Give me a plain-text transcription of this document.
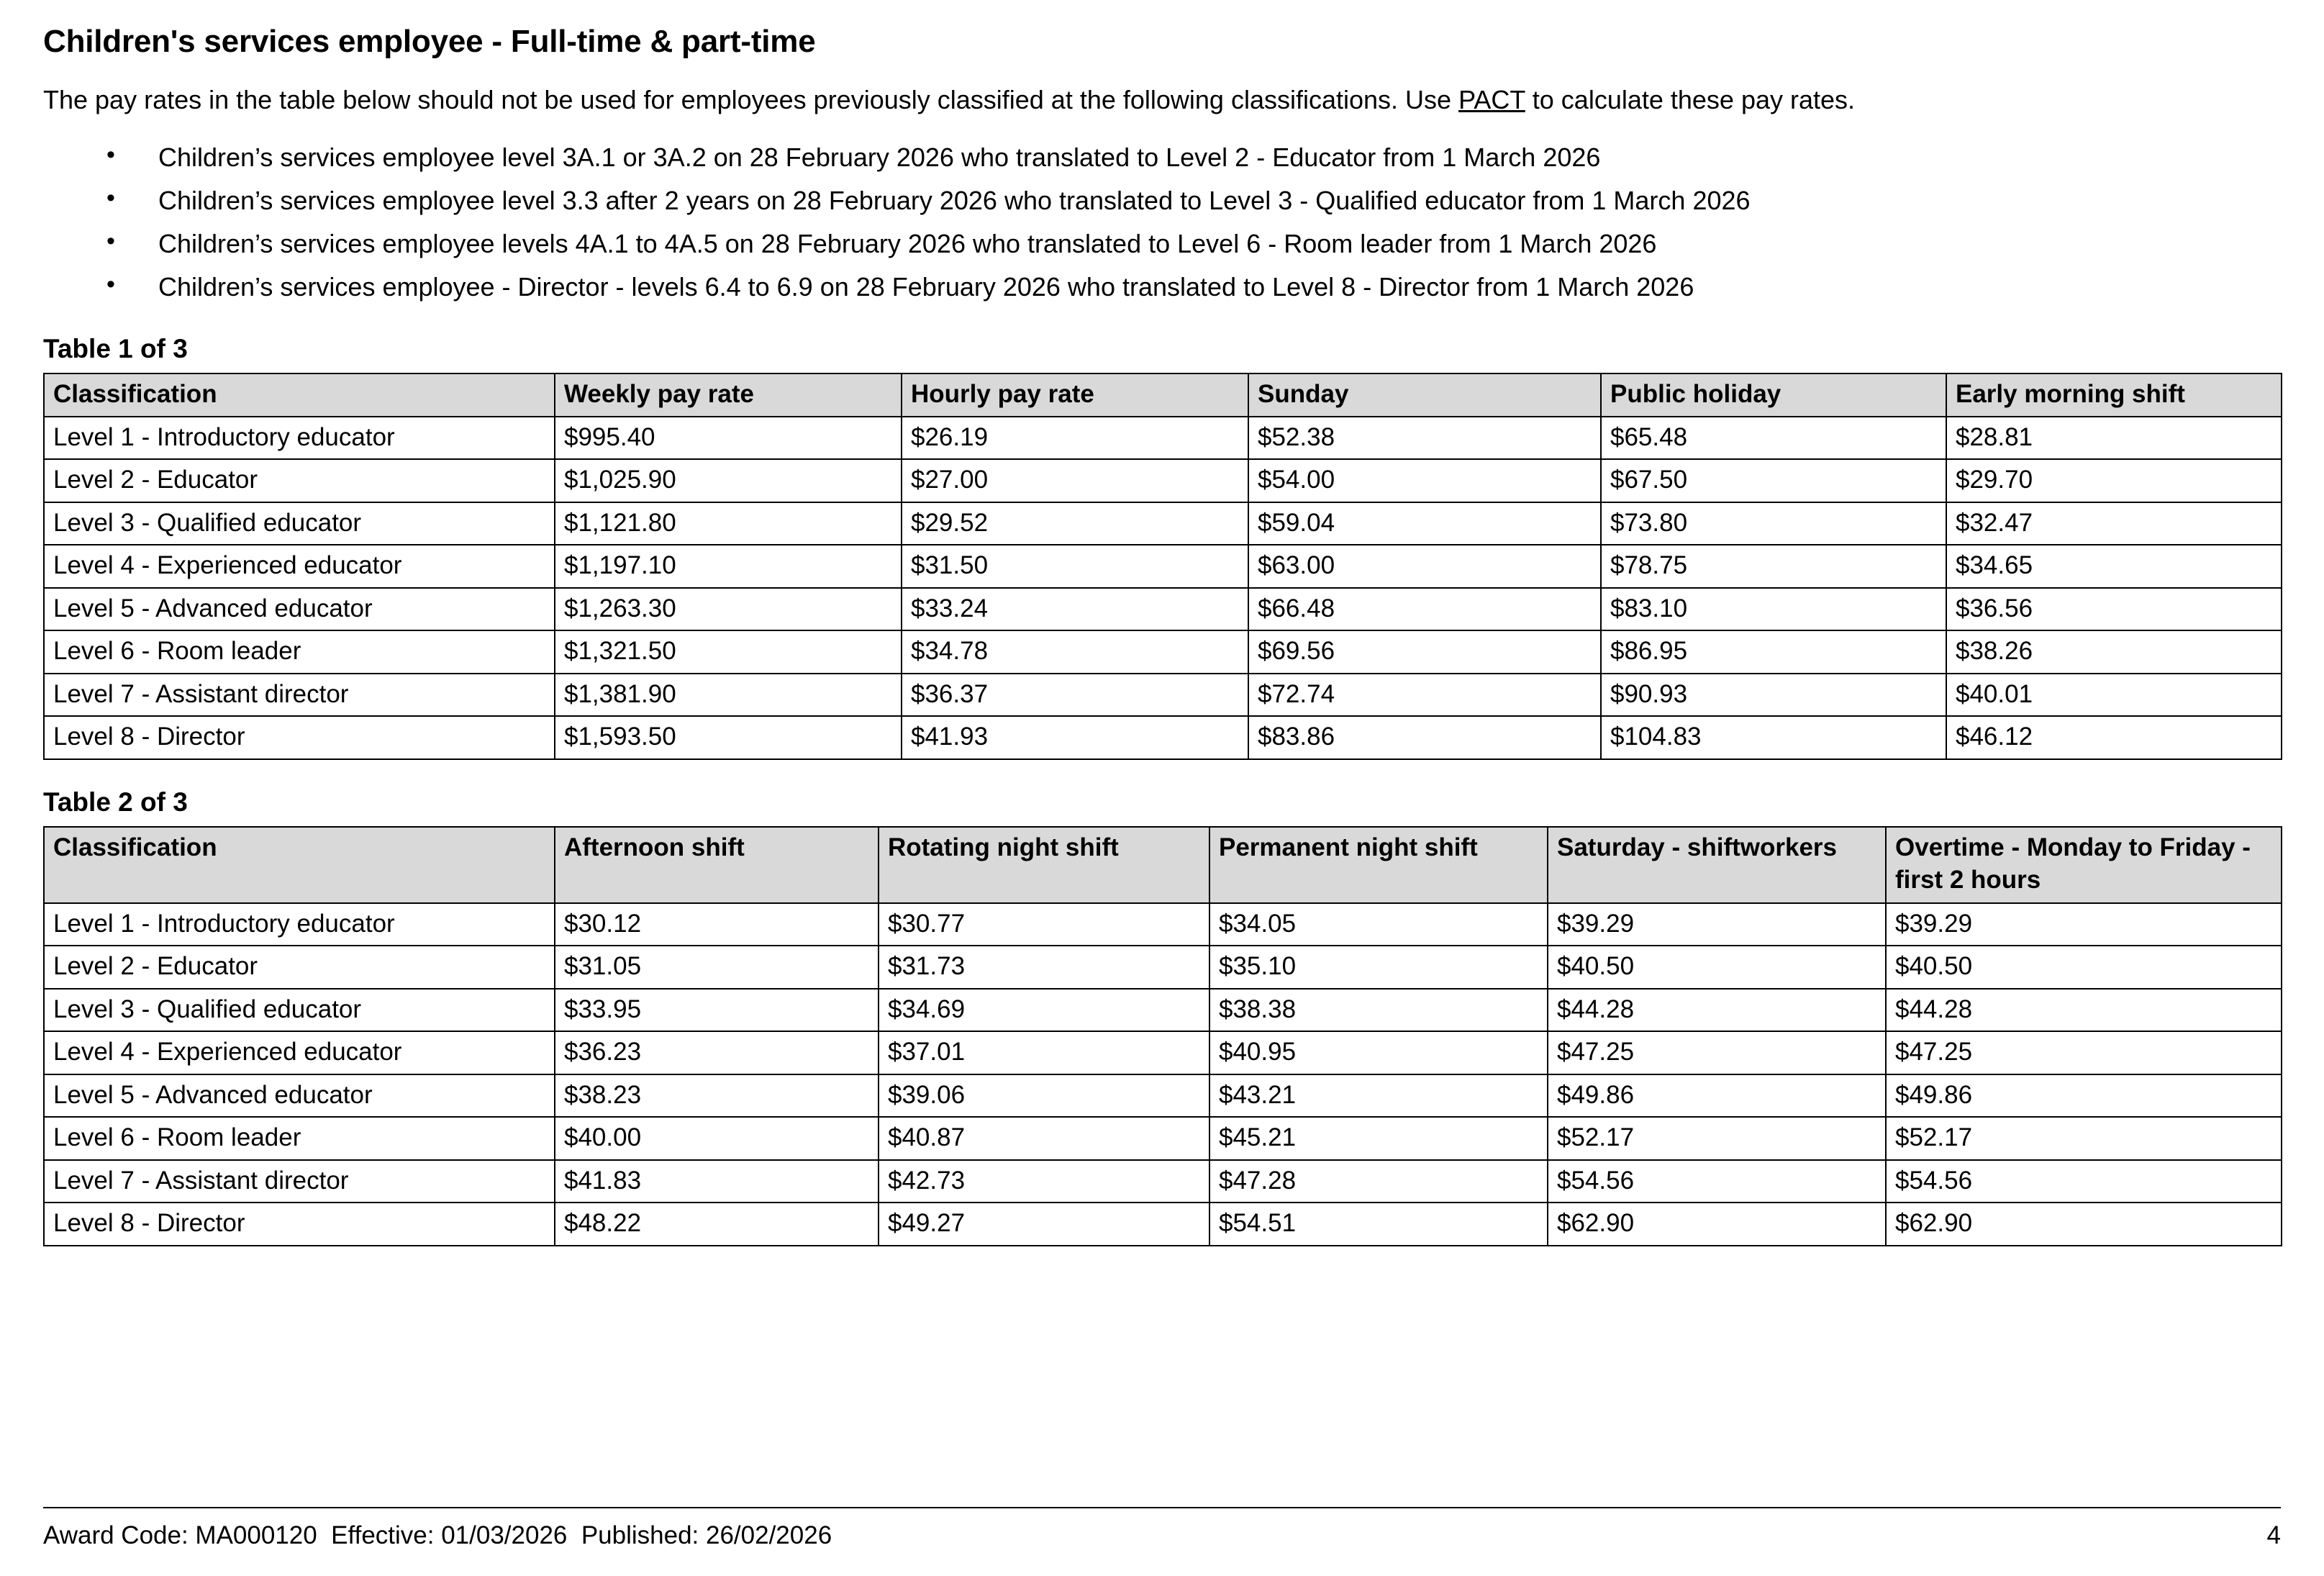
Children's services employee - Full-time & part-time

The pay rates in the table below should not be used for employees previously classified at the following classifications. Use PACT to calculate these pay rates.

• Children’s services employee level 3A.1 or 3A.2 on 28 February 2026 who translated to Level 2 - Educator from 1 March 2026
• Children’s services employee level 3.3 after 2 years on 28 February 2026 who translated to Level 3 - Qualified educator from 1 March 2026
• Children’s services employee levels 4A.1 to 4A.5 on 28 February 2026 who translated to Level 6 - Room leader from 1 March 2026
• Children’s services employee - Director - levels 6.4 to 6.9 on 28 February 2026 who translated to Level 8 - Director from 1 March 2026
Table 1 of 3
Classification	Weekly pay rate	Hourly pay rate	Sunday	Public holiday	Early morning shift
Level 1 - Introductory educator	$995.40	$26.19	$52.38	$65.48	$28.81
Level 2 - Educator	$1,025.90	$27.00	$54.00	$67.50	$29.70
Level 3 - Qualified educator	$1,121.80	$29.52	$59.04	$73.80	$32.47
Level 4 - Experienced educator	$1,197.10	$31.50	$63.00	$78.75	$34.65
Level 5 - Advanced educator	$1,263.30	$33.24	$66.48	$83.10	$36.56
Level 6 - Room leader	$1,321.50	$34.78	$69.56	$86.95	$38.26
Level 7 - Assistant director	$1,381.90	$36.37	$72.74	$90.93	$40.01
Level 8 - Director	$1,593.50	$41.93	$83.86	$104.83	$46.12
Table 2 of 3
Classification	Afternoon shift	Rotating night shift	Permanent night shift	Saturday - shiftworkers	Overtime - Monday to Friday - first 2 hours
Level 1 - Introductory educator	$30.12	$30.77	$34.05	$39.29	$39.29
Level 2 - Educator	$31.05	$31.73	$35.10	$40.50	$40.50
Level 3 - Qualified educator	$33.95	$34.69	$38.38	$44.28	$44.28
Level 4 - Experienced educator	$36.23	$37.01	$40.95	$47.25	$47.25
Level 5 - Advanced educator	$38.23	$39.06	$43.21	$49.86	$49.86
Level 6 - Room leader	$40.00	$40.87	$45.21	$52.17	$52.17
Level 7 - Assistant director	$41.83	$42.73	$47.28	$54.56	$54.56
Level 8 - Director	$48.22	$49.27	$54.51	$62.90	$62.90
Award Code: MA000120  Effective: 01/03/2026  Published: 26/02/2026	4
